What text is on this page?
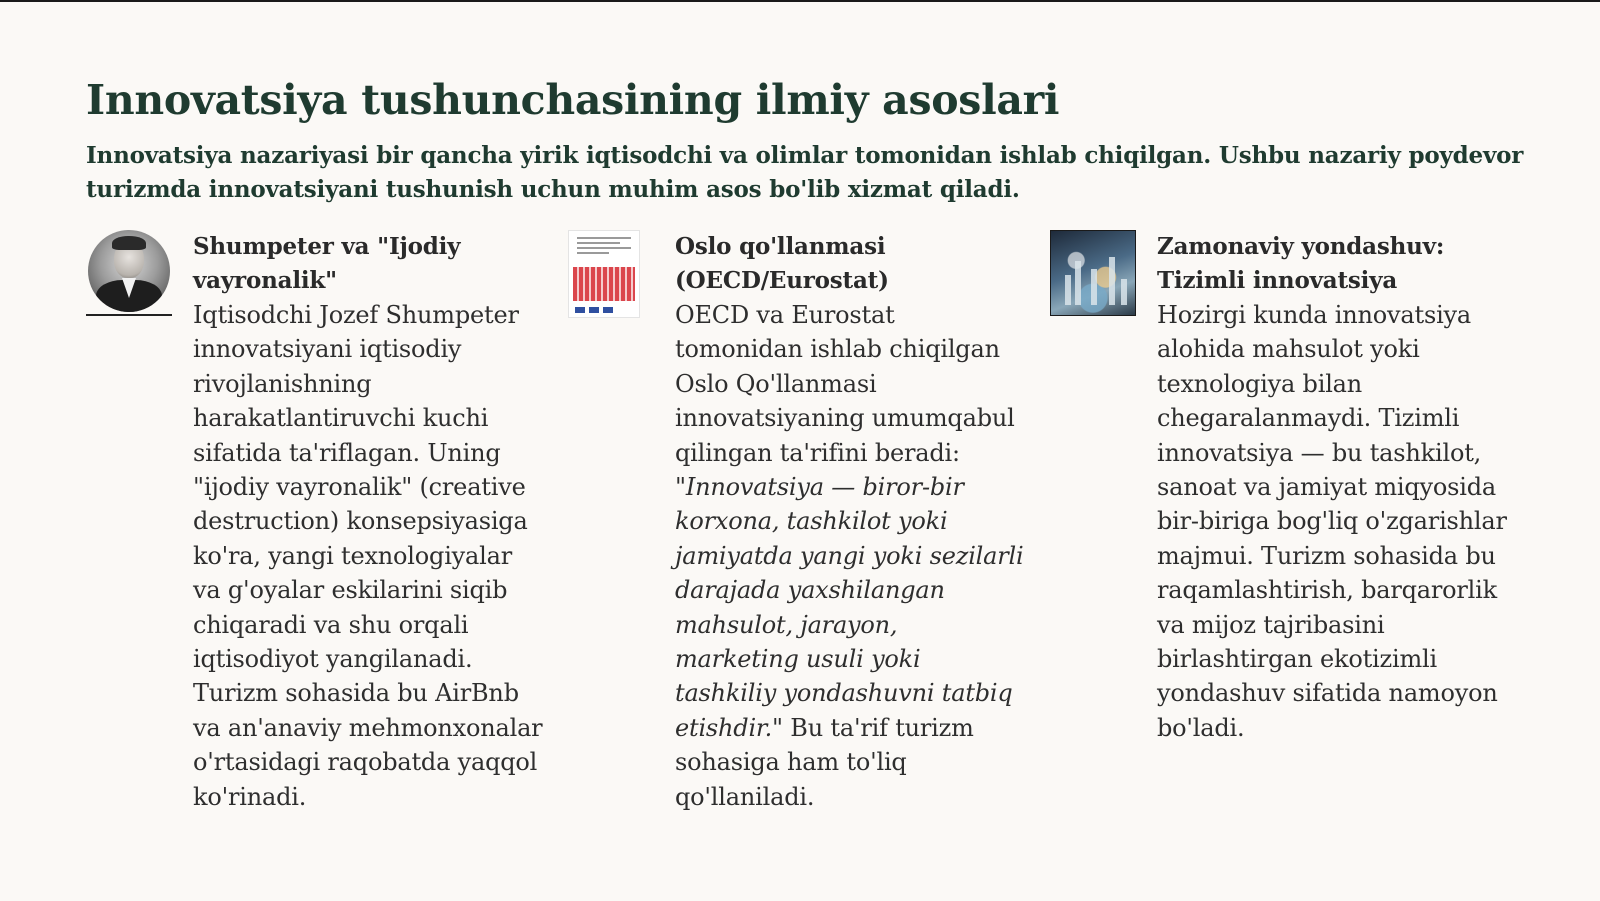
Innovatsiya tushunchasining ilmiy asoslari

Innovatsiya nazariyasi bir qancha yirik iqtisodchi va olimlar tomonidan ishlab chiqilgan. Ushbu nazariy poydevor turizmda innovatsiyani tushunish uchun muhim asos bo'lib xizmat qiladi.

Shumpeter va "Ijodiy vayronalik"

Iqtisodchi Jozef Shumpeter innovatsiyani iqtisodiy rivojlanishning harakatlantiruvchi kuchi sifatida ta'riflagan. Uning "ijodiy vayronalik" (creative destruction) konsepsiyasiga ko'ra, yangi texnologiyalar va g'oyalar eskilarini siqib chiqaradi va shu orqali iqtisodiyot yangilanadi. Turizm sohasida bu AirBnb va an'anaviy mehmonxonalar o'rtasidagi raqobatda yaqqol ko'rinadi.

Oslo qo'llanmasi (OECD/Eurostat)

OECD va Eurostat tomonidan ishlab chiqilgan Oslo Qo'llanmasi innovatsiyaning umumqabul qilingan ta'rifini beradi: "Innovatsiya — biror-bir korxona, tashkilot yoki jamiyatda yangi yoki sezilarli darajada yaxshilangan mahsulot, jarayon, marketing usuli yoki tashkiliy yondashuvni tatbiq etishdir." Bu ta'rif turizm sohasiga ham to'liq qo'llaniladi.

Zamonaviy yondashuv: Tizimli innovatsiya

Hozirgi kunda innovatsiya alohida mahsulot yoki texnologiya bilan chegaralanmaydi. Tizimli innovatsiya — bu tashkilot, sanoat va jamiyat miqyosida bir-biriga bog'liq o'zgarishlar majmui. Turizm sohasida bu raqamlashtirish, barqarorlik va mijoz tajribasini birlashtirgan ekotizimli yondashuv sifatida namoyon bo'ladi.
